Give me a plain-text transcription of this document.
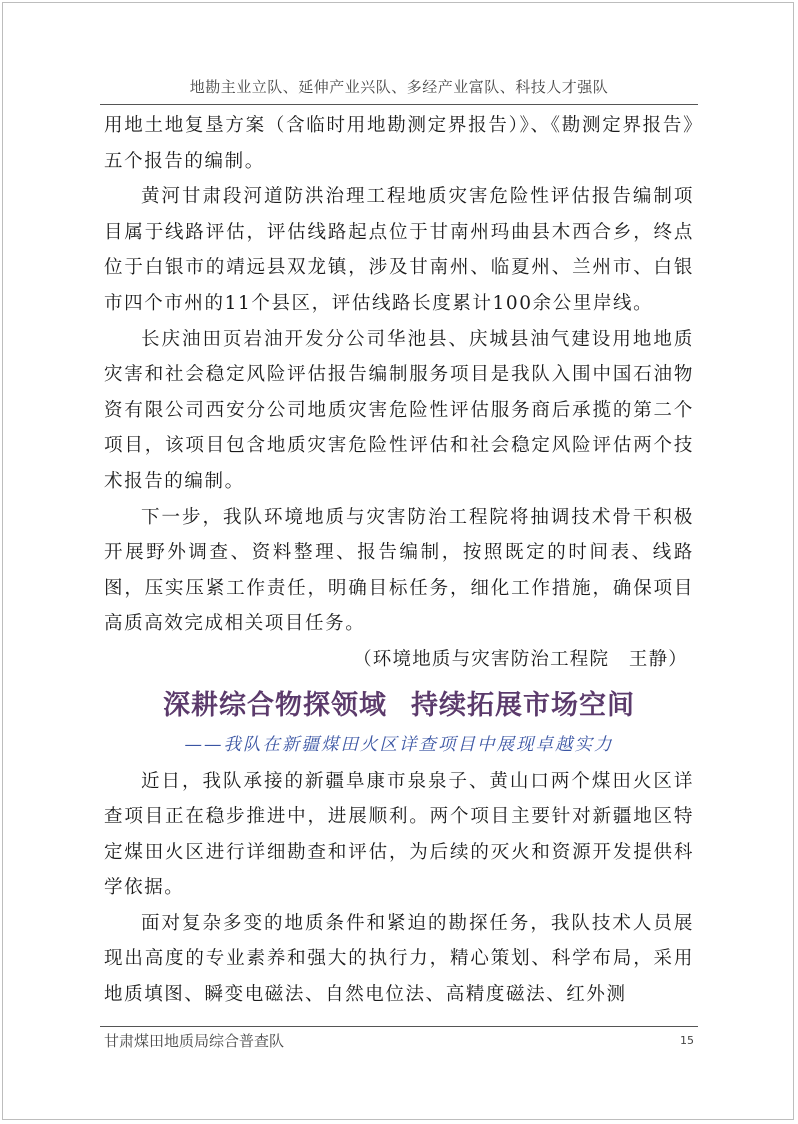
地勘主业立队、延伸产业兴队、多经产业富队、科技人才强队

用地土地复垦方案（含临时用地勘测定界报告）》、《勘测定界报告》五个报告的编制。

黄河甘肃段河道防洪治理工程地质灾害危险性评估报告编制项目属于线路评估，评估线路起点位于甘南州玛曲县木西合乡，终点位于白银市的靖远县双龙镇，涉及甘南州、临夏州、兰州市、白银市四个市州的11个县区，评估线路长度累计100余公里岸线。

长庆油田页岩油开发分公司华池县、庆城县油气建设用地地质灾害和社会稳定风险评估报告编制服务项目是我队入围中国石油物资有限公司西安分公司地质灾害危险性评估服务商后承揽的第二个项目，该项目包含地质灾害危险性评估和社会稳定风险评估两个技术报告的编制。

下一步，我队环境地质与灾害防治工程院将抽调技术骨干积极开展野外调查、资料整理、报告编制，按照既定的时间表、线路图，压实压紧工作责任，明确目标任务，细化工作措施，确保项目高质高效完成相关项目任务。

（环境地质与灾害防治工程院　王静）

深耕综合物探领域 持续拓展市场空间
——我队在新疆煤田火区详查项目中展现卓越实力

近日，我队承接的新疆阜康市泉泉子、黄山口两个煤田火区详查项目正在稳步推进中，进展顺利。两个项目主要针对新疆地区特定煤田火区进行详细勘查和评估，为后续的灭火和资源开发提供科学依据。

面对复杂多变的地质条件和紧迫的勘探任务，我队技术人员展现出高度的专业素养和强大的执行力，精心策划、科学布局，采用地质填图、瞬变电磁法、自然电位法、高精度磁法、红外测

甘肃煤田地质局综合普查队	15
